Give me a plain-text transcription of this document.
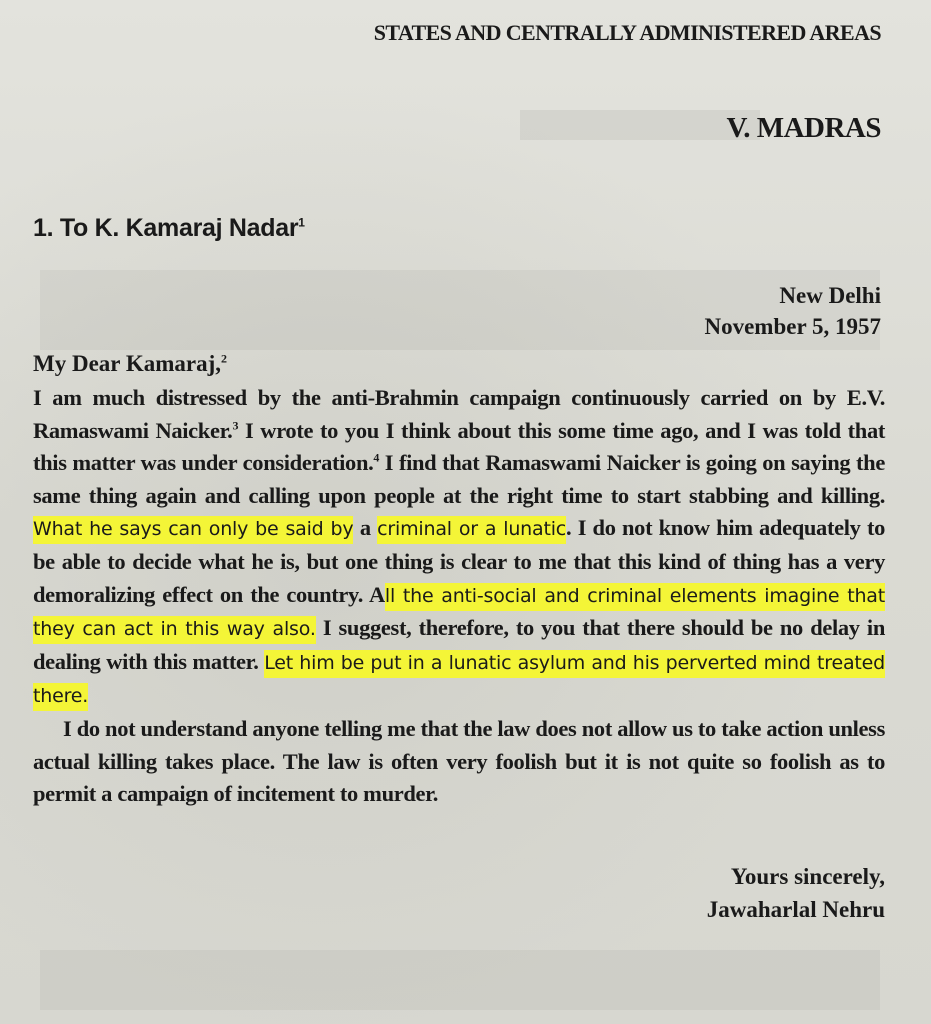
STATES AND CENTRALLY ADMINISTERED AREAS
V. MADRAS
1. To K. Kamaraj Nadar$^1$
New Delhi
November 5, 1957
My Dear Kamaraj,$^2$

I am much distressed by the anti-Brahmin campaign continuously carried on by E.V. Ramaswami Naicker.$^3$ I wrote to you I think about this some time ago, and I was told that this matter was under consideration.$^4$ I find that Ramaswami Naicker is going on saying the same thing again and calling upon people at the right time to start stabbing and killing. What he says can only be said by a criminal or a lunatic. I do not know him adequately to be able to decide what he is, but one thing is clear to me that this kind of thing has a very demoralizing effect on the country. All the anti-social and criminal elements imagine that they can act in this way also. I suggest, therefore, to you that there should be no delay in dealing with this matter. Let him be put in a lunatic asylum and his perverted mind treated there.

I do not understand anyone telling me that the law does not allow us to take action unless actual killing takes place. The law is often very foolish but it is not quite so foolish as to permit a campaign of incitement to murder.

Yours sincerely,
Jawaharlal Nehru
